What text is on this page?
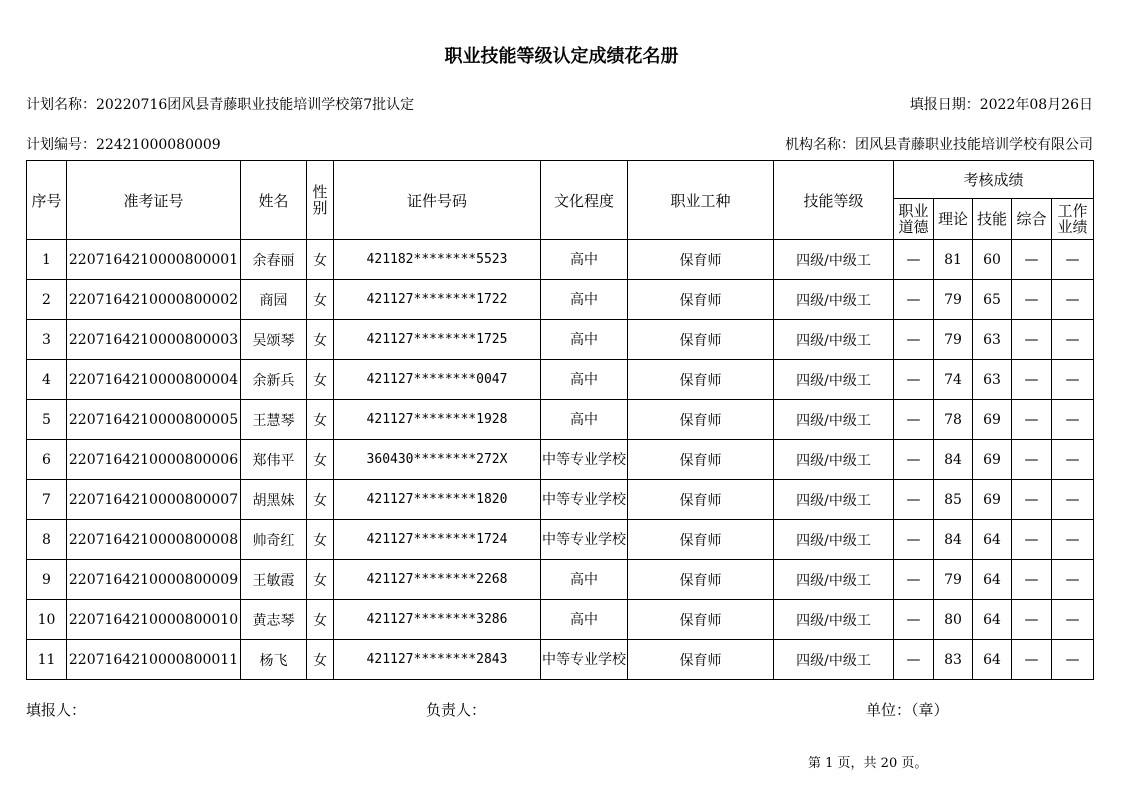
职业技能等级认定成绩花名册
计划名称：20220716团风县青藤职业技能培训学校第7批认定	填报日期：2022年08月26日
计划编号：22421000080009	机构名称：团风县青藤职业技能培训学校有限公司
序号	准考证号	姓名	性别	证件号码	文化程度	职业工种	技能等级	考核成绩				
								职业道德	理论	技能	综合	工作业绩
1	2207164210000800001	余春丽	女	421182********5523	高中	保育师	四级/中级工	—	81	60	—	—
2	2207164210000800002	商园	女	421127********1722	高中	保育师	四级/中级工	—	79	65	—	—
3	2207164210000800003	吴颂琴	女	421127********1725	高中	保育师	四级/中级工	—	79	63	—	—
4	2207164210000800004	余新兵	女	421127********0047	高中	保育师	四级/中级工	—	74	63	—	—
5	2207164210000800005	王慧琴	女	421127********1928	高中	保育师	四级/中级工	—	78	69	—	—
6	2207164210000800006	郑伟平	女	360430********272X	中等专业学校	保育师	四级/中级工	—	84	69	—	—
7	2207164210000800007	胡黑妹	女	421127********1820	中等专业学校	保育师	四级/中级工	—	85	69	—	—
8	2207164210000800008	帅奇红	女	421127********1724	中等专业学校	保育师	四级/中级工	—	84	64	—	—
9	2207164210000800009	王敏霞	女	421127********2268	高中	保育师	四级/中级工	—	79	64	—	—
10	2207164210000800010	黄志琴	女	421127********3286	高中	保育师	四级/中级工	—	80	64	—	—
11	2207164210000800011	杨飞	女	421127********2843	中等专业学校	保育师	四级/中级工	—	83	64	—	—
填报人：	负责人：	单位：（章）
第 1 页，共 20 页。
